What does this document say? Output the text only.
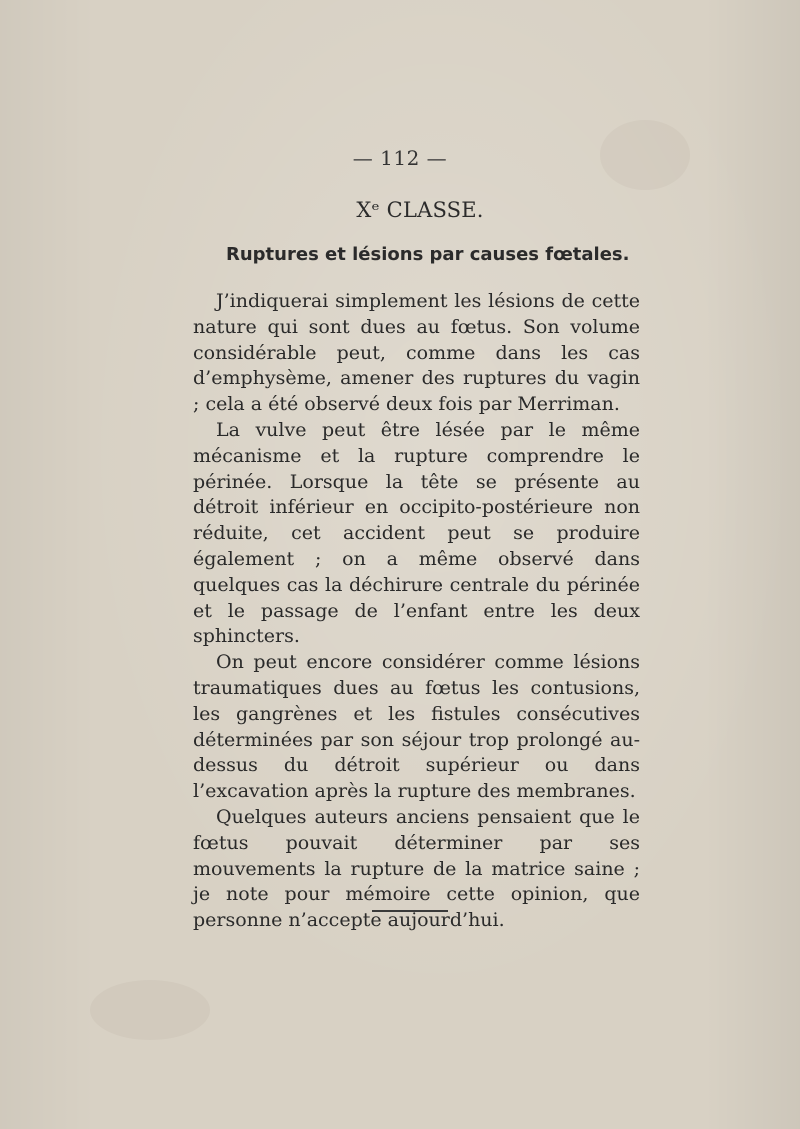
— 112 —
Xᵉ CLASSE.
Ruptures et lésions par causes fœtales.

J’indiquerai simplement les lésions de cette nature qui sont dues au fœtus. Son volume considérable peut, comme dans les cas d’emphysème, amener des ruptures du vagin ; cela a été observé deux fois par Merriman.

La vulve peut être lésée par le même mécanisme et la rupture comprendre le périnée. Lorsque la tête se présente au détroit inférieur en occipito-postérieure non réduite, cet accident peut se produire également ; on a même observé dans quelques cas la déchirure centrale du périnée et le passage de l’enfant entre les deux sphincters.

On peut encore considérer comme lésions traumatiques dues au fœtus les contusions, les gangrènes et les fistules consécutives déterminées par son séjour trop prolongé au-dessus du détroit supérieur ou dans l’excavation après la rupture des membranes.

Quelques auteurs anciens pensaient que le fœtus pouvait déterminer par ses mouvements la rupture de la matrice saine ; je note pour mémoire cette opinion, que personne n’accepte aujourd’hui.
